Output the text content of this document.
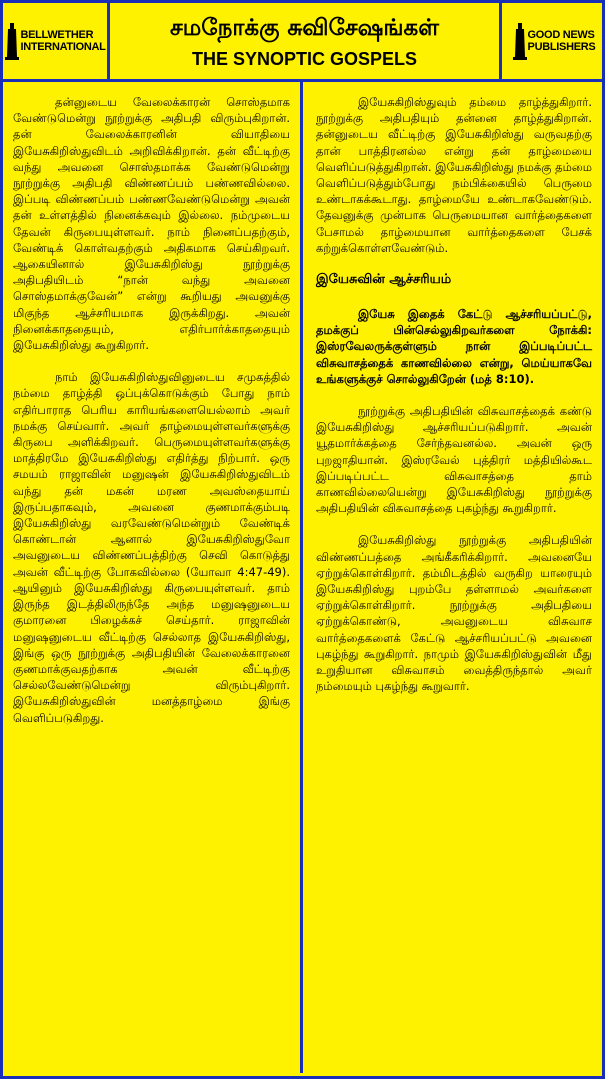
BELLWETHER
INTERNATIONAL
சமநோக்கு சுவிசேஷங்கள்
THE SYNOPTIC GOSPELS
GOOD NEWS
PUBLISHERS

தன்னுடைய வேலைக்காரன் சொஸ்தமாக வேண்டுமென்று நூற்றுக்கு அதிபதி விரும்புகிறான். தன் வேலைக்காரனின் வியாதியை இயேசுகிறிஸ்துவிடம் அறிவிக்கிறான். தன் வீட்டிற்கு வந்து அவனை சொஸ்தமாக்க வேண்டுமென்று நூற்றுக்கு அதிபதி விண்ணப்பம் பண்ணவில்லை. இப்படி விண்ணப்பம் பண்ணவேண்டுமென்று அவன் தன் உள்ளத்தில் நினைக்கவும் இல்லை. நம்முடைய தேவன் கிருபையுள்ளவர். நாம் நினைப்பதற்கும், வேண்டிக் கொள்வதற்கும் அதிகமாக செய்கிறவர். ஆகையினால் இயேசுகிறிஸ்து நூற்றுக்கு அதிபதியிடம் “நான் வந்து அவனை சொஸ்தமாக்குவேன்” என்று கூறியது அவனுக்கு மிகுந்த ஆச்சரியமாக இருக்கிறது. அவன் நினைக்காததையும், எதிர்பார்க்காததையும் இயேசுகிறிஸ்து கூறுகிறார்.

நாம் இயேசுகிறிஸ்துவினுடைய சமுகத்தில் நம்மை தாழ்த்தி ஒப்புக்கொடுக்கும் போது நாம் எதிர்பாராத பெரிய காரியங்களையெல்லாம் அவர் நமக்கு செய்வார். அவர் தாழ்மையுள்ளவர்களுக்கு கிருபை அளிக்கிறவர். பெருமையுள்ளவர்களுக்கு மாத்திரமே இயேசுகிறிஸ்து எதிர்த்து நிற்பார். ஒரு சமயம் ராஜாவின் மனுஷன் இயேசுகிறிஸ்துவிடம் வந்து தன் மகன் மரண அவஸ்தையாய் இருப்பதாகவும், அவனை குணமாக்கும்படி இயேசுகிறிஸ்து வரவேண்டுமென்றும் வேண்டிக் கொண்டான் ஆனால் இயேசுகிறிஸ்துவோ அவனுடைய விண்ணப்பத்திற்கு செவி கொடுத்து அவன் வீட்டிற்கு போகவில்லை (யோவா 4:47-49). ஆயினும் இயேசுகிறிஸ்து கிருபையுள்ளவர். தாம் இருந்த இடத்திலிருந்தே அந்த மனுஷனுடைய குமாரனை பிழைக்கச் செய்தார். ராஜாவின் மனுஷனுடைய வீட்டிற்கு செல்லாத இயேசுகிறிஸ்து, இங்கு ஒரு நூற்றுக்கு அதிபதியின் வேலைக்காரனை குணமாக்குவதற்காக அவன் வீட்டிற்கு செல்லவேண்டுமென்று விரும்புகிறார். இயேசுகிறிஸ்துவின் மனத்தாழ்மை இங்கு வெளிப்படுகிறது.

இயேசுகிறிஸ்துவும் தம்மை தாழ்த்துகிறார். நூற்றுக்கு அதிபதியும் தன்னை தாழ்த்துகிறான். தன்னுடைய வீட்டிற்கு இயேசுகிறிஸ்து வருவதற்கு தான் பாத்திரனல்ல என்று தன் தாழ்மையை வெளிப்படுத்துகிறான். இயேசுகிறிஸ்து நமக்கு தம்மை வெளிப்படுத்தும்போது நம்பிக்கையில் பெருமை உண்டாகக்கூடாது. தாழ்மையே உண்டாகவேண்டும். தேவனுக்கு முன்பாக பெருமையான வார்த்தைகளை பேசாமல் தாழ்மையான வார்த்தைகளை பேசக் கற்றுக்கொள்ளவேண்டும்.

இயேசுவின் ஆச்சரியம்

இயேசு இதைக் கேட்டு ஆச்சரியப்பட்டு, தமக்குப் பின்செல்லுகிறவர்களை நோக்கி: இஸ்ரவேலருக்குள்ளும் நான் இப்படிப்பட்ட விசுவாசத்தைக் காணவில்லை என்று, மெய்யாகவே உங்களுக்குச் சொல்லுகிறேன் (மத் 8:10).

நூற்றுக்கு அதிபதியின் விசுவாசத்தைக் கண்டு இயேசுகிறிஸ்து ஆச்சரியப்படுகிறார். அவன் யூதமார்க்கத்தை சேர்ந்தவனல்ல. அவன் ஒரு புறஜாதியான். இஸ்ரவேல் புத்திரர் மத்தியில்கூட இப்படிப்பட்ட விசுவாசத்தை தாம் காணவில்லையென்று இயேசுகிறிஸ்து நூற்றுக்கு அதிபதியின் விசுவாசத்தை புகழ்ந்து கூறுகிறார்.

இயேசுகிறிஸ்து நூற்றுக்கு அதிபதியின் விண்ணப்பத்தை அங்கீகரிக்கிறார். அவனையே ஏற்றுக்கொள்கிறார். தம்மிடத்தில் வருகிற யாரையும் இயேசுகிறிஸ்து புறம்பே தள்ளாமல் அவர்களை ஏற்றுக்கொள்கிறார். நூற்றுக்கு அதிபதியை ஏற்றுக்கொண்டு, அவனுடைய விசுவாச வார்த்தைகளைக் கேட்டு ஆச்சரியப்பட்டு அவனை புகழ்ந்து கூறுகிறார். நாமும் இயேசுகிறிஸ்துவின் மீது உறுதியான விசுவாசம் வைத்திருந்தால் அவர் நம்மையும் புகழ்ந்து கூறுவார்.
